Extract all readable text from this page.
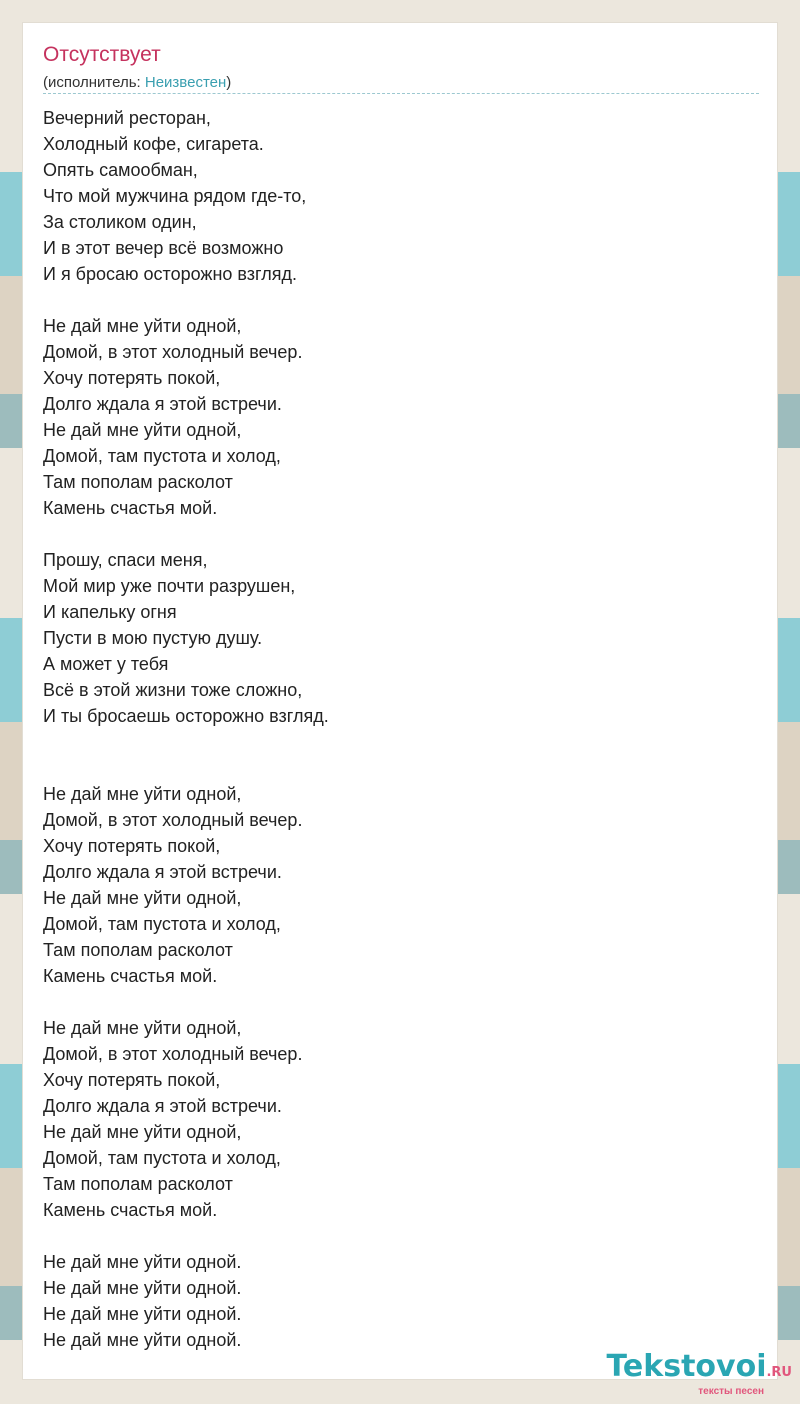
Отсутствует
(исполнитель: Неизвестен)
Вечерний ресторан,
Холодный кофе, сигарета.
Опять самообман,
Что мой мужчина рядом где-то,
За столиком один,
И в этот вечер всё возможно
И я бросаю осторожно взгляд.
Не дай мне уйти одной,
Домой, в этот холодный вечер.
Хочу потерять покой,
Долго ждала я этой встречи.
Не дай мне уйти одной,
Домой, там пустота и холод,
Там пополам расколот
Камень счастья мой.
Прошу, спаси меня,
Мой мир уже почти разрушен,
И капельку огня
Пусти в мою пустую душу.
А может у тебя
Всё в этой жизни тоже сложно,
И ты бросаешь осторожно взгляд.
Не дай мне уйти одной,
Домой, в этот холодный вечер.
Хочу потерять покой,
Долго ждала я этой встречи.
Не дай мне уйти одной,
Домой, там пустота и холод,
Там пополам расколот
Камень счастья мой.
Не дай мне уйти одной,
Домой, в этот холодный вечер.
Хочу потерять покой,
Долго ждала я этой встречи.
Не дай мне уйти одной,
Домой, там пустота и холод,
Там пополам расколот
Камень счастья мой.
Не дай мне уйти одной.
Не дай мне уйти одной.
Не дай мне уйти одной.
Не дай мне уйти одной.
Tekstovoi.RU
тексты песен
